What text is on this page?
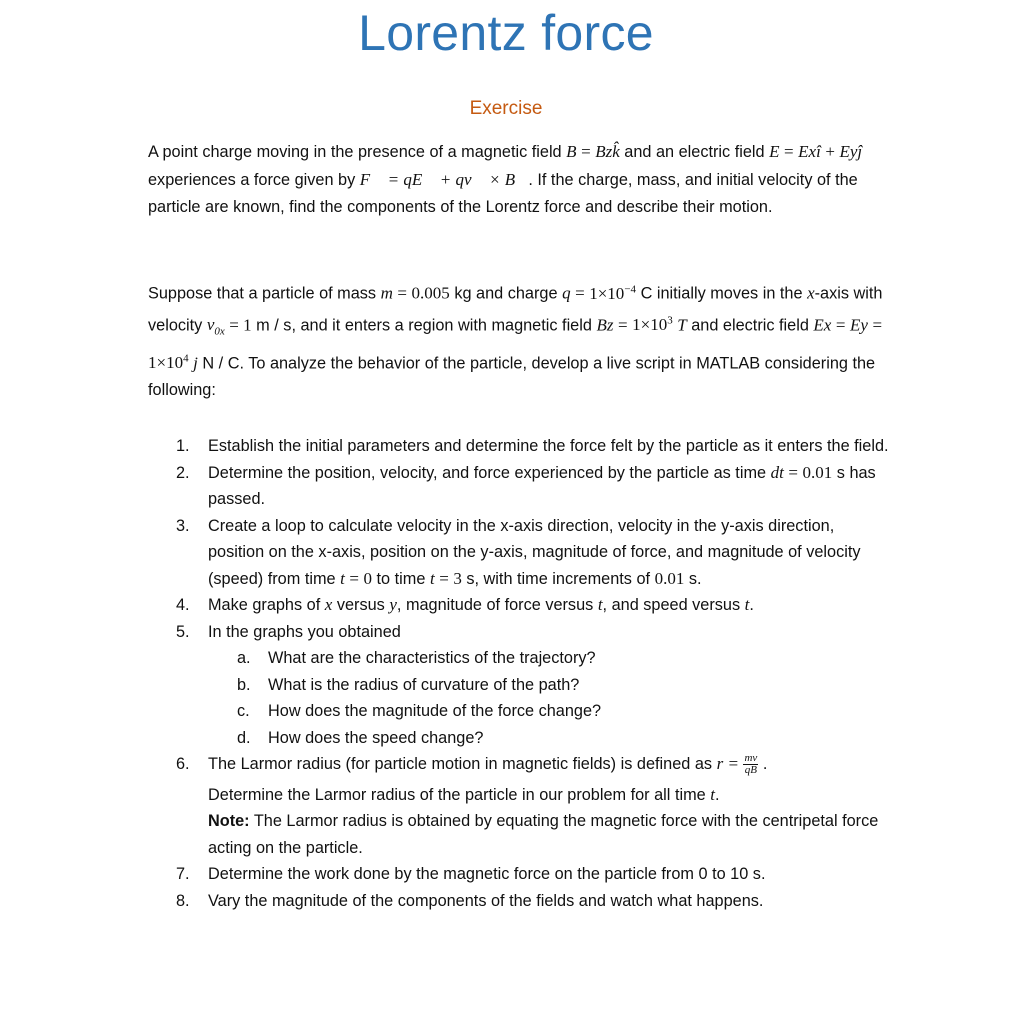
Lorentz force
Exercise
A point charge moving in the presence of a magnetic field B = Bzk̂ and an electric field E = Exî + Eyĵ experiences a force given by F⃗ = qE⃗ + qv⃗ × B⃗. If the charge, mass, and initial velocity of the particle are known, find the components of the Lorentz force and describe their motion.
Suppose that a particle of mass m = 0.005 kg and charge $q = 1\times 10^{-4}$ C initially moves in the x-axis with velocity $v_{0x} = 1$ m / s, and it enters a region with magnetic field $Bz = 1\times 10^3$ T and electric field $Ex = Ey = 1\times 10^4$ j N / C. To analyze the behavior of the particle, develop a live script in MATLAB considering the following:
1. Establish the initial parameters and determine the force felt by the particle as it enters the field.
2. Determine the position, velocity, and force experienced by the particle as time dt = 0.01 s has passed.
3. Create a loop to calculate velocity in the x-axis direction, velocity in the y-axis direction, position on the x-axis, position on the y-axis, magnitude of force, and magnitude of velocity (speed) from time t = 0 to time t = 3 s, with time increments of 0.01 s.
4. Make graphs of x versus y, magnitude of force versus t, and speed versus t.
5. In the graphs you obtained
a. What are the characteristics of the trajectory?
b. What is the radius of curvature of the path?
c. How does the magnitude of the force change?
d. How does the speed change?
6. The Larmor radius (for particle motion in magnetic fields) is defined as $r = \frac{mv}{qB}$ .
Determine the Larmor radius of the particle in our problem for all time t.
Note: The Larmor radius is obtained by equating the magnetic force with the centripetal force acting on the particle.
7. Determine the work done by the magnetic force on the particle from 0 to 10 s.
8. Vary the magnitude of the components of the fields and watch what happens.
